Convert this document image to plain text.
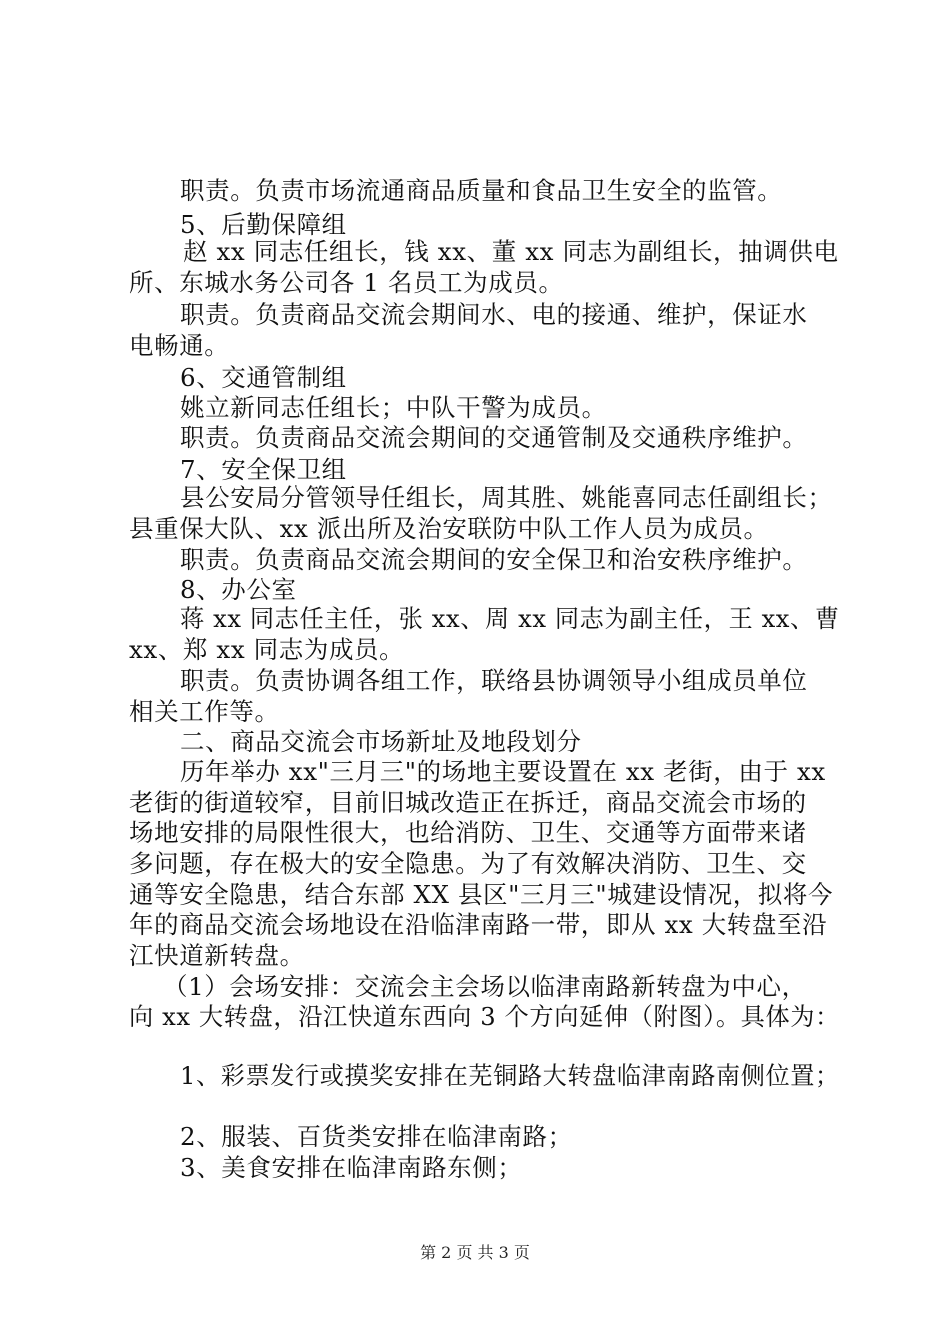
职责。负责市场流通商品质量和食品卫生安全的监管。
5、后勤保障组
赵 xx 同志任组长，钱 xx、董 xx 同志为副组长，抽调供电
所、东城水务公司各 1 名员工为成员。
职责。负责商品交流会期间水、电的接通、维护，保证水
电畅通。
6、交通管制组
姚立新同志任组长；中队干警为成员。
职责。负责商品交流会期间的交通管制及交通秩序维护。
7、安全保卫组
县公安局分管领导任组长，周其胜、姚能喜同志任副组长；
县重保大队、xx 派出所及治安联防中队工作人员为成员。
职责。负责商品交流会期间的安全保卫和治安秩序维护。
8、办公室
蒋 xx 同志任主任，张 xx、周 xx 同志为副主任，王 xx、曹
xx、郑 xx 同志为成员。
职责。负责协调各组工作，联络县协调领导小组成员单位
相关工作等。
二、商品交流会市场新址及地段划分
历年举办 xx"三月三"的场地主要设置在 xx 老街，由于 xx
老街的街道较窄，目前旧城改造正在拆迁，商品交流会市场的
场地安排的局限性很大，也给消防、卫生、交通等方面带来诸
多问题，存在极大的安全隐患。为了有效解决消防、卫生、交
通等安全隐患，结合东部 XX 县区"三月三"城建设情况，拟将今
年的商品交流会场地设在沿临津南路一带，即从 xx 大转盘至沿
江快道新转盘。
（1）会场安排：交流会主会场以临津南路新转盘为中心，
向 xx 大转盘，沿江快道东西向 3 个方向延伸（附图）。具体为：
1、彩票发行或摸奖安排在芜铜路大转盘临津南路南侧位置；
2、服装、百货类安排在临津南路；
3、美食安排在临津南路东侧；
第 2 页 共 3 页
